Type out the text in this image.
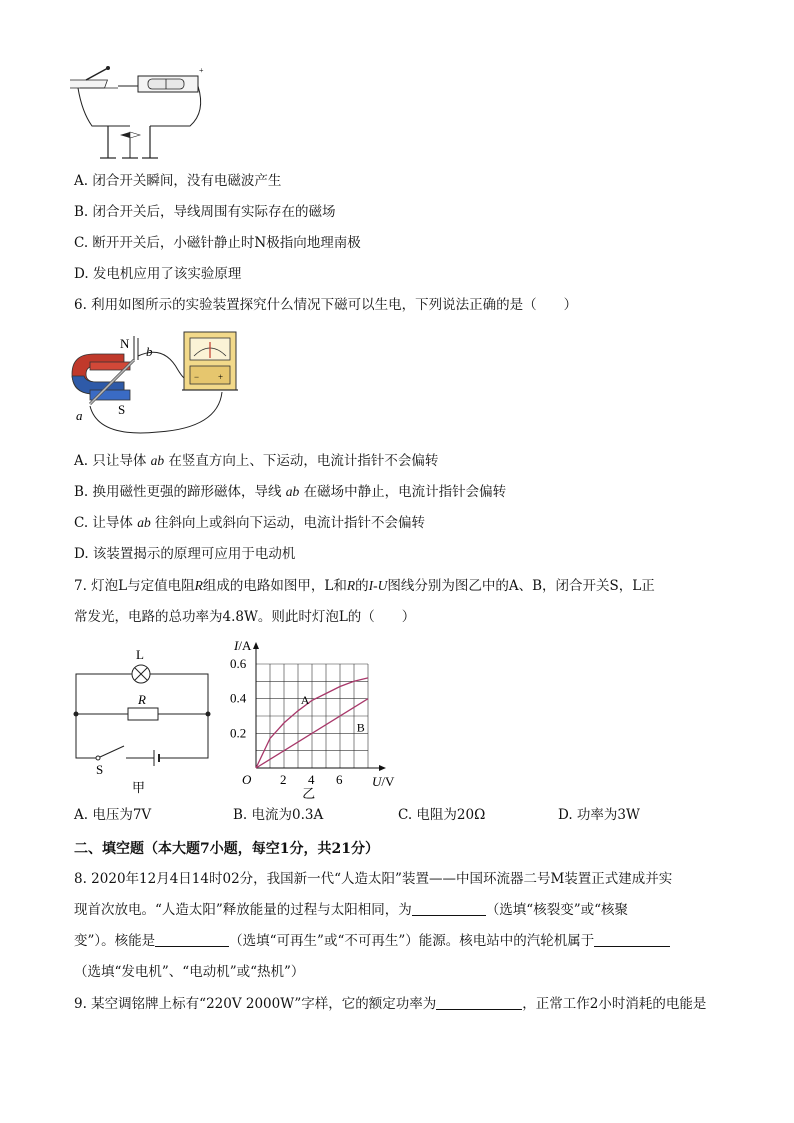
+
A. 闭合开关瞬间，没有电磁波产生
B. 闭合开关后，导线周围有实际存在的磁场
C. 断开开关后，小磁针静止时N极指向地理南极
D. 发电机应用了该实验原理
6. 利用如图所示的实验装置探究什么情况下磁可以生电，下列说法正确的是（　　）
N
S
a
b
− +
A. 只让导体 ab 在竖直方向上、下运动，电流计指针不会偏转
B. 换用磁性更强的蹄形磁体，导线 ab 在磁场中静止，电流计指针会偏转
C. 让导体 ab 往斜向上或斜向下运动，电流计指针不会偏转
D. 该装置揭示的原理可应用于电动机
7. 灯泡L与定值电阻R组成的电路如图甲，L和R的I-U图线分别为图乙中的A、B，闭合开关S，L正
常发光，电路的总功率为4.8W。则此时灯泡L的（　　）
L
R
S
甲
2 4 6
0.2
0.4
0.6
O	U/V
I/A
A
B
乙
A. 电压为7V	B. 电流为0.3A	C. 电阻为20Ω	D. 功率为3W
二、填空题（本大题7小题，每空1分，共21分）
8. 2020年12月4日14时02分，我国新一代“人造太阳”装置——中国环流器二号M装置正式建成并实
现首次放电。“人造太阳”释放能量的过程与太阳相同，为	（选填“核裂变”或“核聚
变”）。核能是	（选填“可再生”或“不可再生”）能源。核电站中的汽轮机属于
（选填“发电机”、“电动机”或“热机”）
9. 某空调铭牌上标有“220V 2000W”字样，它的额定功率为	，正常工作2小时消耗的电能是
